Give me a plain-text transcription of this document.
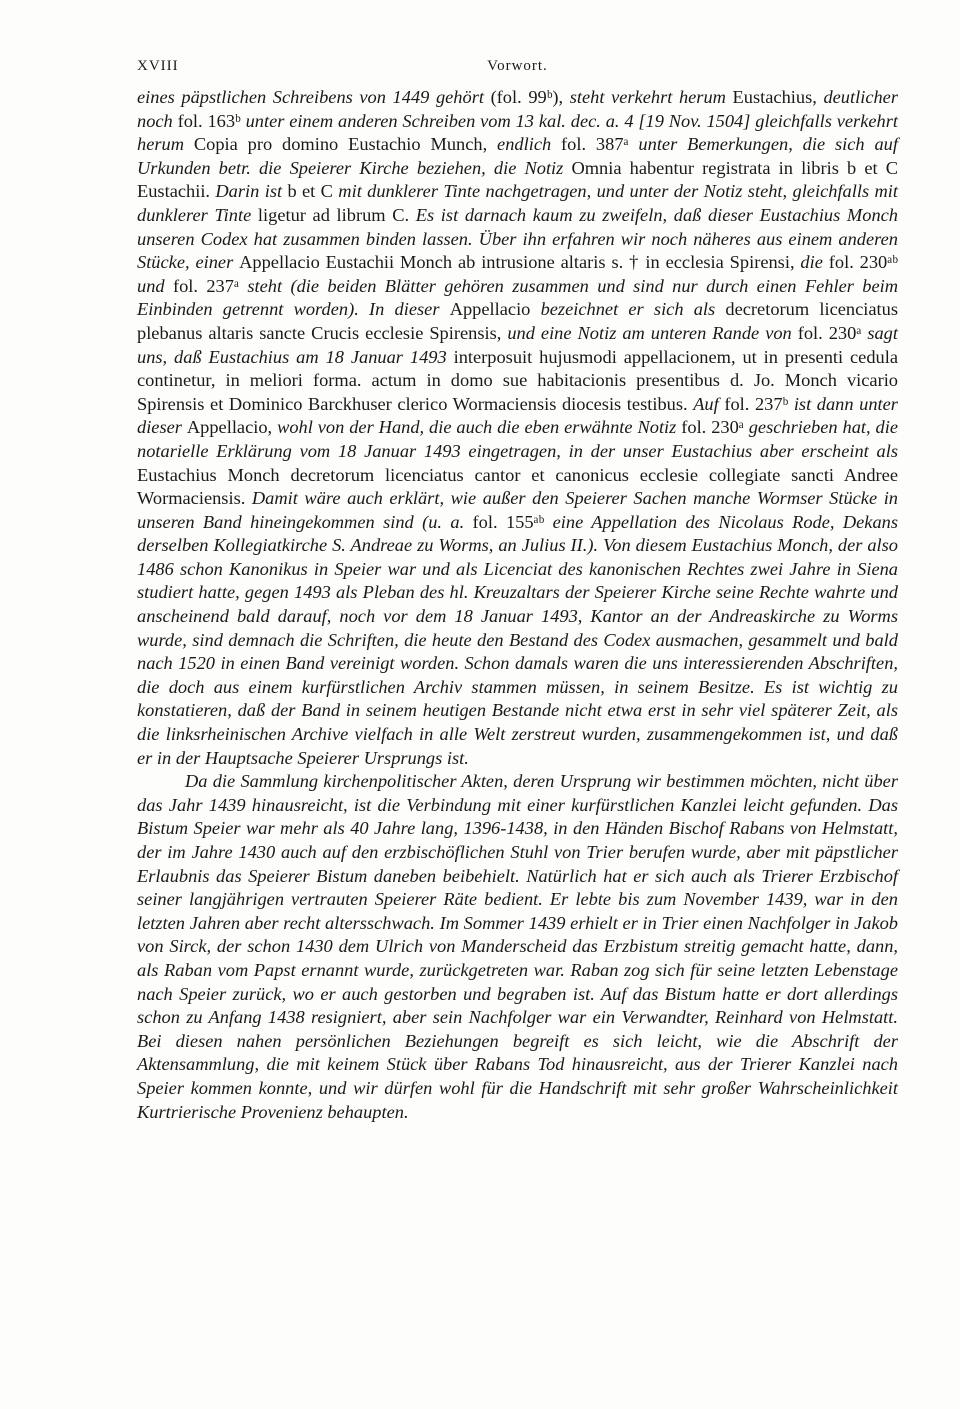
XVIII	Vorwort.

eines päpstlichen Schreibens von 1449 gehört (fol. 99ᵇ), steht verkehrt herum Eustachius, deutlicher noch fol. 163ᵇ unter einem anderen Schreiben vom 13 kal. dec. a. 4 [19 Nov. 1504] gleichfalls verkehrt herum Copia pro domino Eustachio Munch, endlich fol. 387ᵃ unter Bemerkungen, die sich auf Urkunden betr. die Speierer Kirche beziehen, die Notiz Omnia habentur registrata in libris b et C Eustachii. Darin ist b et C mit dunklerer Tinte nachgetragen, und unter der Notiz steht, gleichfalls mit dunklerer Tinte ligetur ad librum C. Es ist darnach kaum zu zweifeln, daß dieser Eustachius Monch unseren Codex hat zusammen binden lassen. Über ihn erfahren wir noch näheres aus einem anderen Stücke, einer Appellacio Eustachii Monch ab intrusione altaris s. † in ecclesia Spirensi, die fol. 230ᵃᵇ und fol. 237ᵃ steht (die beiden Blätter gehören zusammen und sind nur durch einen Fehler beim Einbinden getrennt worden). In dieser Appellacio bezeichnet er sich als decretorum licenciatus plebanus altaris sancte Crucis ecclesie Spirensis, und eine Notiz am unteren Rande von fol. 230ᵃ sagt uns, daß Eustachius am 18 Januar 1493 interposuit hujusmodi appellacionem, ut in presenti cedula continetur, in meliori forma. actum in domo sue habitacionis presentibus d. Jo. Monch vicario Spirensis et Dominico Barckhuser clerico Wormaciensis diocesis testibus. Auf fol. 237ᵇ ist dann unter dieser Appellacio, wohl von der Hand, die auch die eben erwähnte Notiz fol. 230ᵃ geschrieben hat, die notarielle Erklärung vom 18 Januar 1493 eingetragen, in der unser Eustachius aber erscheint als Eustachius Monch decretorum licenciatus cantor et canonicus ecclesie collegiate sancti Andree Wormaciensis. Damit wäre auch erklärt, wie außer den Speierer Sachen manche Wormser Stücke in unseren Band hineingekommen sind (u. a. fol. 155ᵃᵇ eine Appellation des Nicolaus Rode, Dekans derselben Kollegiatkirche S. Andreae zu Worms, an Julius II.). Von diesem Eustachius Monch, der also 1486 schon Kanonikus in Speier war und als Licenciat des kanonischen Rechtes zwei Jahre in Siena studiert hatte, gegen 1493 als Pleban des hl. Kreuzaltars der Speierer Kirche seine Rechte wahrte und anscheinend bald darauf, noch vor dem 18 Januar 1493, Kantor an der Andreaskirche zu Worms wurde, sind demnach die Schriften, die heute den Bestand des Codex ausmachen, gesammelt und bald nach 1520 in einen Band vereinigt worden. Schon damals waren die uns interessierenden Abschriften, die doch aus einem kurfürstlichen Archiv stammen müssen, in seinem Besitze. Es ist wichtig zu konstatieren, daß der Band in seinem heutigen Bestande nicht etwa erst in sehr viel späterer Zeit, als die linksrheinischen Archive vielfach in alle Welt zerstreut wurden, zusammengekommen ist, und daß er in der Hauptsache Speierer Ursprungs ist.

Da die Sammlung kirchenpolitischer Akten, deren Ursprung wir bestimmen möchten, nicht über das Jahr 1439 hinausreicht, ist die Verbindung mit einer kurfürstlichen Kanzlei leicht gefunden. Das Bistum Speier war mehr als 40 Jahre lang, 1396-1438, in den Händen Bischof Rabans von Helmstatt, der im Jahre 1430 auch auf den erzbischöflichen Stuhl von Trier berufen wurde, aber mit päpstlicher Erlaubnis das Speierer Bistum daneben beibehielt. Natürlich hat er sich auch als Trierer Erzbischof seiner langjährigen vertrauten Speierer Räte bedient. Er lebte bis zum November 1439, war in den letzten Jahren aber recht altersschwach. Im Sommer 1439 erhielt er in Trier einen Nachfolger in Jakob von Sirck, der schon 1430 dem Ulrich von Manderscheid das Erzbistum streitig gemacht hatte, dann, als Raban vom Papst ernannt wurde, zurückgetreten war. Raban zog sich für seine letzten Lebenstage nach Speier zurück, wo er auch gestorben und begraben ist. Auf das Bistum hatte er dort allerdings schon zu Anfang 1438 resigniert, aber sein Nachfolger war ein Verwandter, Reinhard von Helmstatt. Bei diesen nahen persönlichen Beziehungen begreift es sich leicht, wie die Abschrift der Aktensammlung, die mit keinem Stück über Rabans Tod hinausreicht, aus der Trierer Kanzlei nach Speier kommen konnte, und wir dürfen wohl für die Handschrift mit sehr großer Wahrscheinlichkeit Kurtrierische Provenienz behaupten.
